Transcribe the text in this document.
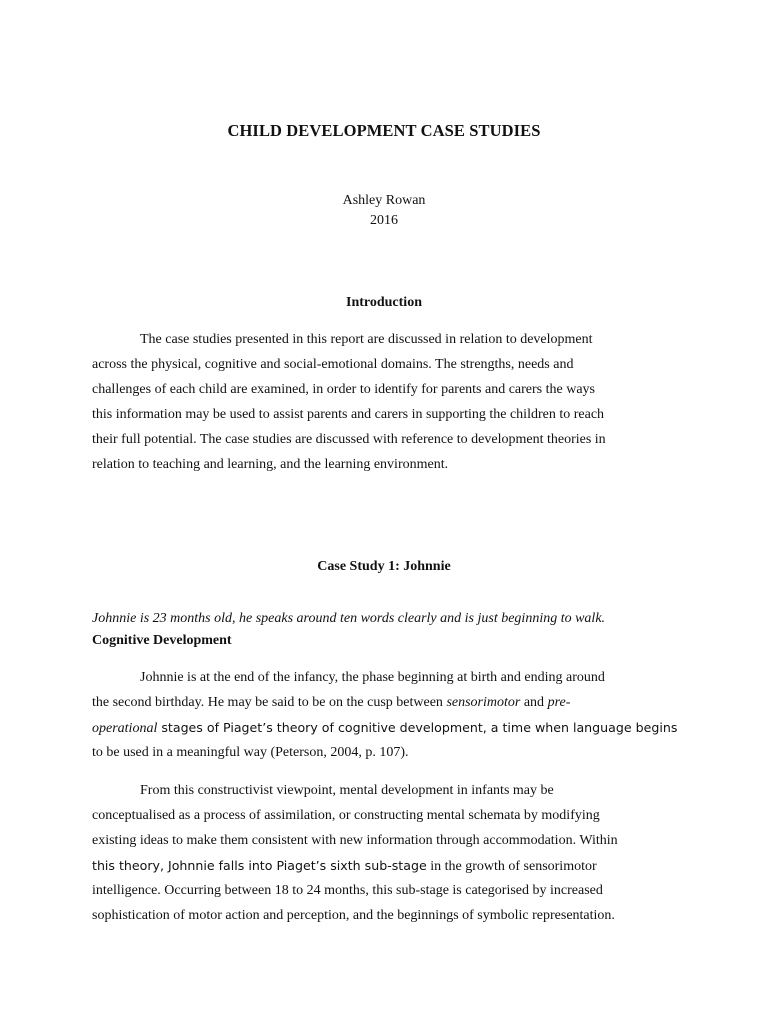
CHILD DEVELOPMENT CASE STUDIES
Ashley Rowan
2016
Introduction
The case studies presented in this report are discussed in relation to development
across the physical, cognitive and social-emotional domains. The strengths, needs and
challenges of each child are examined, in order to identify for parents and carers the ways
this information may be used to assist parents and carers in supporting the children to reach
their full potential. The case studies are discussed with reference to development theories in
relation to teaching and learning, and the learning environment.
Case Study 1: Johnnie

Johnnie is 23 months old, he speaks around ten words clearly and is just beginning to walk.

Cognitive Development
Johnnie is at the end of the infancy, the phase beginning at birth and ending around
the second birthday. He may be said to be on the cusp between sensorimotor and pre-
operational stages of Piaget’s theory of cognitive development, a time when language begins
to be used in a meaningful way (Peterson, 2004, p. 107).
From this constructivist viewpoint, mental development in infants may be
conceptualised as a process of assimilation, or constructing mental schemata by modifying
existing ideas to make them consistent with new information through accommodation. Within
this theory, Johnnie falls into Piaget’s sixth sub-stage in the growth of sensorimotor
intelligence. Occurring between 18 to 24 months, this sub-stage is categorised by increased
sophistication of motor action and perception, and the beginnings of symbolic representation.
